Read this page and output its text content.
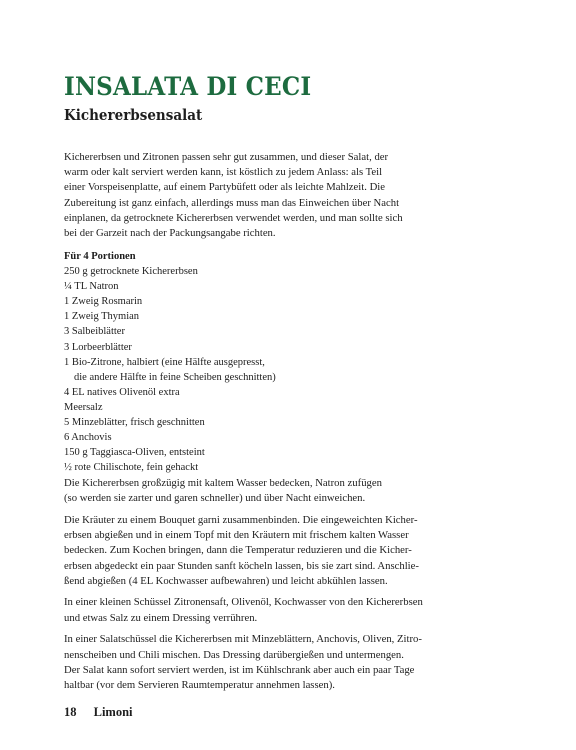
INSALATA DI CECI
Kichererbsensalat
Kichererbsen und Zitronen passen sehr gut zusammen, und dieser Salat, der
warm oder kalt serviert werden kann, ist köstlich zu jedem Anlass: als Teil
einer Vorspeisenplatte, auf einem Partybüfett oder als leichte Mahlzeit. Die
Zubereitung ist ganz einfach, allerdings muss man das Einweichen über Nacht
einplanen, da getrocknete Kichererbsen verwendet werden, und man sollte sich
bei der Garzeit nach der Packungsangabe richten.
Für 4 Portionen
250 g getrocknete Kichererbsen
¼ TL Natron
1 Zweig Rosmarin
1 Zweig Thymian
3 Salbeiblätter
3 Lorbeerblätter
1 Bio-Zitrone, halbiert (eine Hälfte ausgepresst,
die andere Hälfte in feine Scheiben geschnitten)
4 EL natives Olivenöl extra
Meersalz
5 Minzeblätter, frisch geschnitten
6 Anchovis
150 g Taggiasca-Oliven, entsteint
½ rote Chilischote, fein gehackt

Die Kichererbsen großzügig mit kaltem Wasser bedecken, Natron zufügen
(so werden sie zarter und garen schneller) und über Nacht einweichen.

Die Kräuter zu einem Bouquet garni zusammenbinden. Die eingeweichten Kicher-
erbsen abgießen und in einem Topf mit den Kräutern mit frischem kalten Wasser
bedecken. Zum Kochen bringen, dann die Temperatur reduzieren und die Kicher-
erbsen abgedeckt ein paar Stunden sanft köcheln lassen, bis sie zart sind. Anschlie-
ßend abgießen (4 EL Kochwasser aufbewahren) und leicht abkühlen lassen.

In einer kleinen Schüssel Zitronensaft, Olivenöl, Kochwasser von den Kichererbsen
und etwas Salz zu einem Dressing verrühren.

In einer Salatschüssel die Kichererbsen mit Minzeblättern, Anchovis, Oliven, Zitro-
nenscheiben und Chili mischen. Das Dressing darübergießen und untermengen.
Der Salat kann sofort serviert werden, ist im Kühlschrank aber auch ein paar Tage
haltbar (vor dem Servieren Raumtemperatur annehmen lassen).

18 Limoni
